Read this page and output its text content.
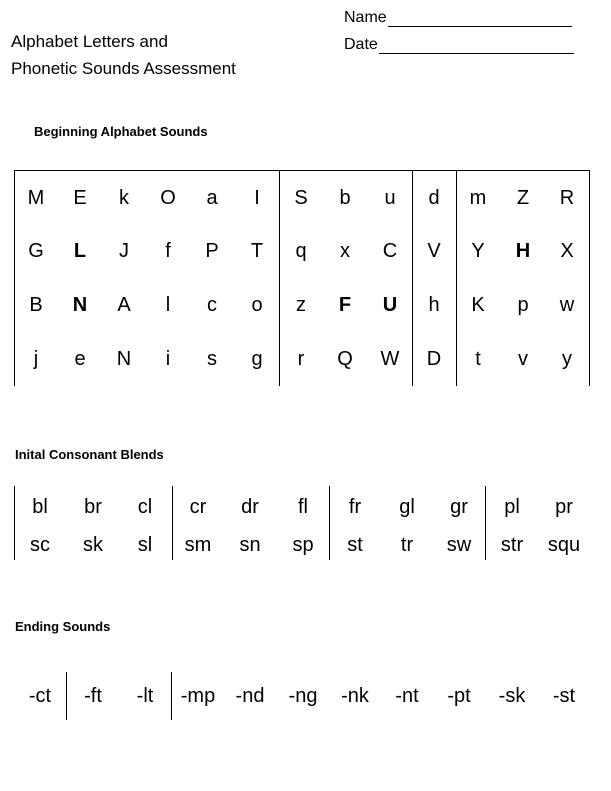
Alphabet Letters and
Phonetic Sounds Assessment
Name
Date
Beginning Alphabet Sounds
M	E	k	O	a	I	S	b	u	d	m	Z	R
G	L	J	f	P	T	q	x	C	V	Y	H	X
B	N	A	l	c	o	z	F	U	h	K	p	w
j	e	N	i	s	g	r	Q	W	D	t	v	y
Inital Consonant Blends
bl	br	cl	cr	dr	fl	fr	gl	gr	pl	pr
sc	sk	sl	sm	sn	sp	st	tr	sw	str	squ
Ending Sounds
-ct	-ft	-lt	-mp	-nd	-ng	-nk	-nt	-pt	-sk	-st
